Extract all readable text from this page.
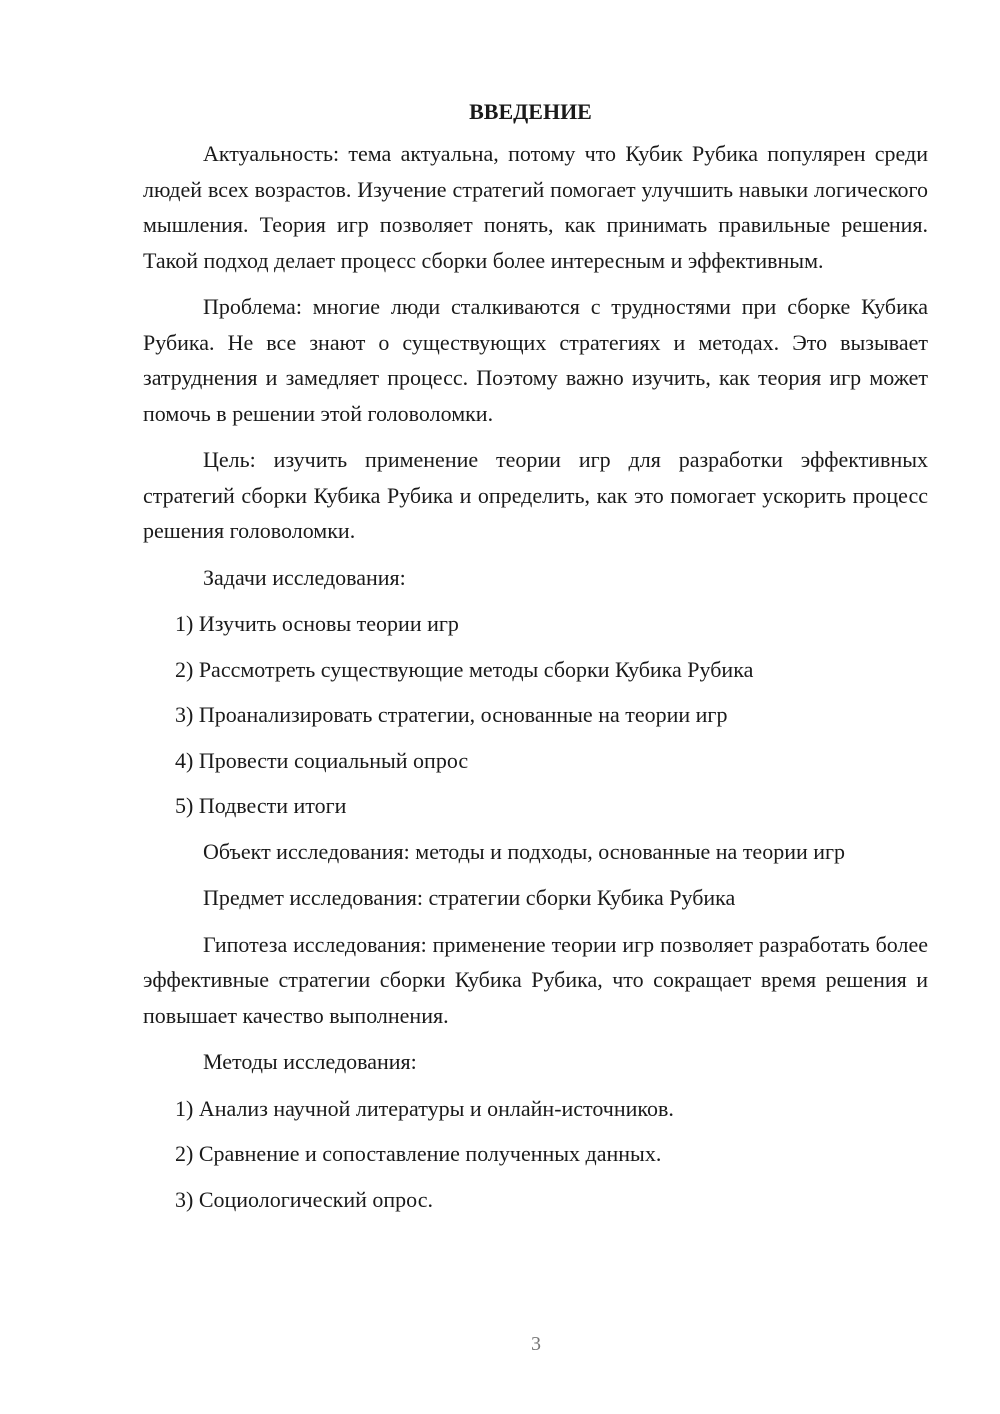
ВВЕДЕНИЕ

Актуальность: тема актуальна, потому что Кубик Рубика популярен среди людей всех возрастов. Изучение стратегий помогает улучшить навыки логического мышления. Теория игр позволяет понять, как принимать правильные решения. Такой подход делает процесс сборки более интересным и эффективным.

Проблема: многие люди сталкиваются с трудностями при сборке Кубика Рубика. Не все знают о существующих стратегиях и методах. Это вызывает затруднения и замедляет процесс. Поэтому важно изучить, как теория игр может помочь в решении этой головоломки.

Цель: изучить применение теории игр для разработки эффективных стратегий сборки Кубика Рубика и определить, как это помогает ускорить процесс решения головоломки.

Задачи исследования:

1) Изучить основы теории игр
2) Рассмотреть существующие методы сборки Кубика Рубика
3) Проанализировать стратегии, основанные на теории игр
4) Провести социальный опрос
5) Подвести итоги

Объект исследования: методы и подходы, основанные на теории игр

Предмет исследования: стратегии сборки Кубика Рубика

Гипотеза исследования: применение теории игр позволяет разработать более эффективные стратегии сборки Кубика Рубика, что сокращает время решения и повышает качество выполнения.

Методы исследования:

1) Анализ научной литературы и онлайн-источников.
2) Сравнение и сопоставление полученных данных.
3) Социологический опрос.
3
